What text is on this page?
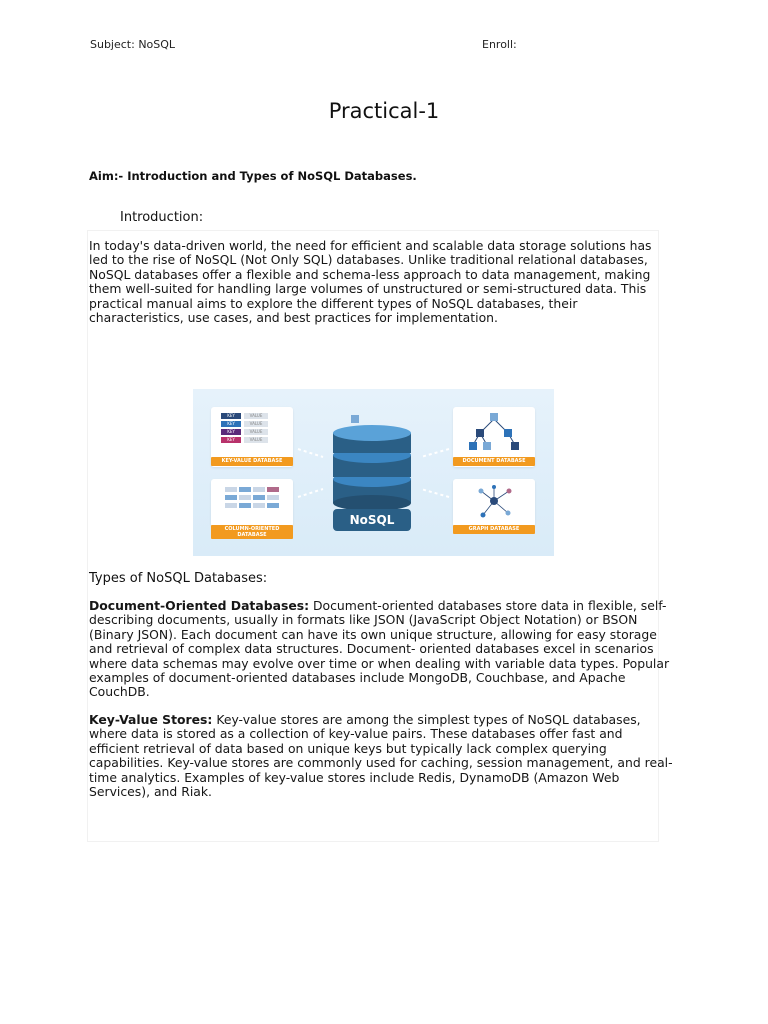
Subject: NoSQL	Enroll:
Practical-1
Aim:- Introduction and Types of NoSQL Databases.
Introduction:

In today's data-driven world, the need for efficient and scalable data storage solutions has led to the rise of NoSQL (Not Only SQL) databases. Unlike traditional relational databases, NoSQL databases offer a flexible and schema-less approach to data management, making them well-suited for handling large volumes of unstructured or semi-structured data. This practical manual aims to explore the different types of NoSQL databases, their characteristics, use cases, and best practices for implementation.

KEY	VALUE
KEY	VALUE
KEY	VALUE
KEY	VALUE
KEY-VALUE DATABASE
COLUMN-ORIENTED
DATABASE
DOCUMENT DATABASE
GRAPH DATABASE
NoSQL
Types of NoSQL Databases:

Document-Oriented Databases: Document-oriented databases store data in flexible, self-describing documents, usually in formats like JSON (JavaScript Object Notation) or BSON (Binary JSON). Each document can have its own unique structure, allowing for easy storage and retrieval of complex data structures. Document- oriented databases excel in scenarios where data schemas may evolve over time or when dealing with variable data types. Popular examples of document-oriented databases include MongoDB, Couchbase, and Apache CouchDB.

Key-Value Stores: Key-value stores are among the simplest types of NoSQL databases, where data is stored as a collection of key-value pairs. These databases offer fast and efficient retrieval of data based on unique keys but typically lack complex querying capabilities. Key-value stores are commonly used for caching, session management, and real-time analytics. Examples of key-value stores include Redis, DynamoDB (Amazon Web Services), and Riak.
